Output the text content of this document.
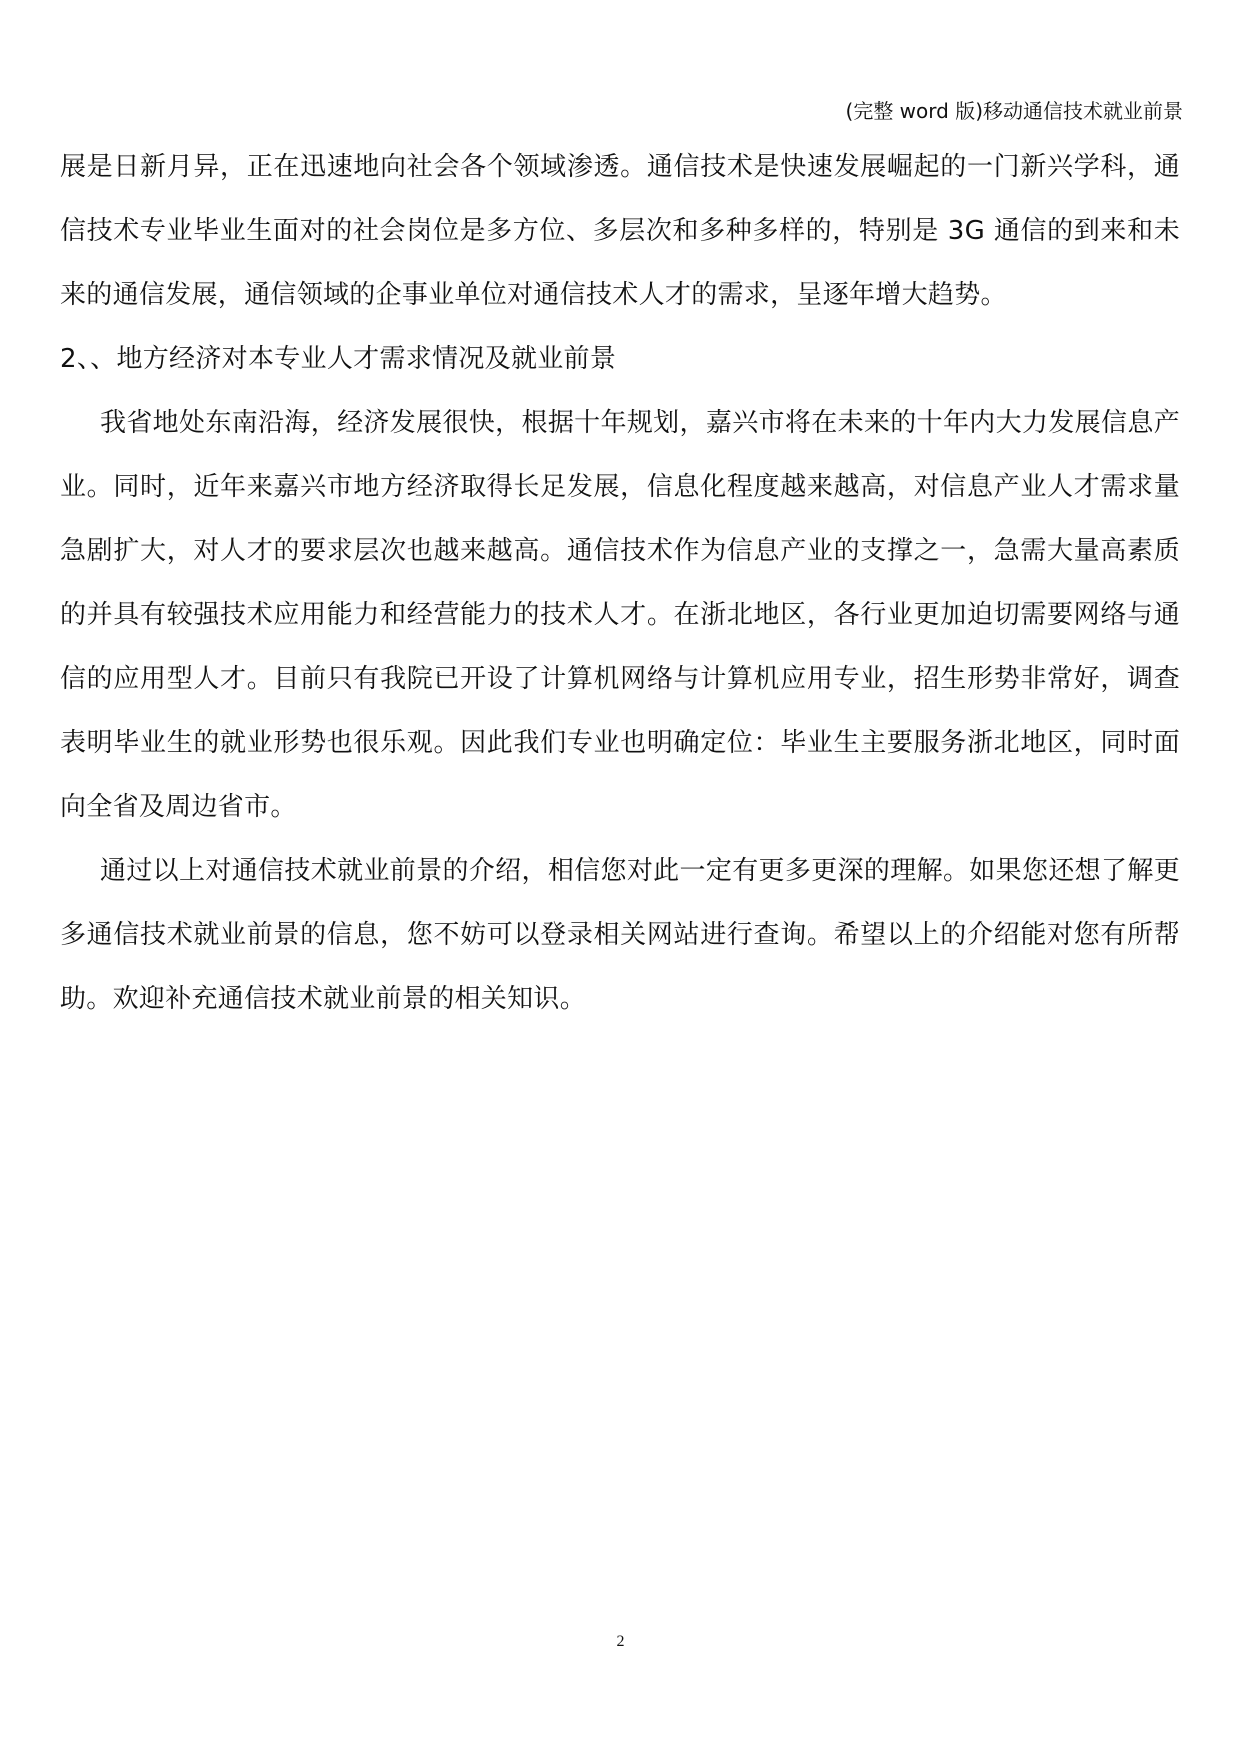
(完整 word 版)移动通信技术就业前景

展是日新月异，正在迅速地向社会各个领域渗透。通信技术是快速发展崛起的一门新兴学科，通信技术专业毕业生面对的社会岗位是多方位、多层次和多种多样的，特别是 3G 通信的到来和未来的通信发展，通信领域的企事业单位对通信技术人才的需求，呈逐年增大趋势。

2、、地方经济对本专业人才需求情况及就业前景

我省地处东南沿海，经济发展很快，根据十年规划，嘉兴市将在未来的十年内大力发展信息产业。同时，近年来嘉兴市地方经济取得长足发展，信息化程度越来越高，对信息产业人才需求量急剧扩大，对人才的要求层次也越来越高。通信技术作为信息产业的支撑之一，急需大量高素质的并具有较强技术应用能力和经营能力的技术人才。在浙北地区，各行业更加迫切需要网络与通信的应用型人才。目前只有我院已开设了计算机网络与计算机应用专业，招生形势非常好，调查表明毕业生的就业形势也很乐观。因此我们专业也明确定位：毕业生主要服务浙北地区，同时面向全省及周边省市。

通过以上对通信技术就业前景的介绍，相信您对此一定有更多更深的理解。如果您还想了解更多通信技术就业前景的信息，您不妨可以登录相关网站进行查询。希望以上的介绍能对您有所帮助。欢迎补充通信技术就业前景的相关知识。

2
